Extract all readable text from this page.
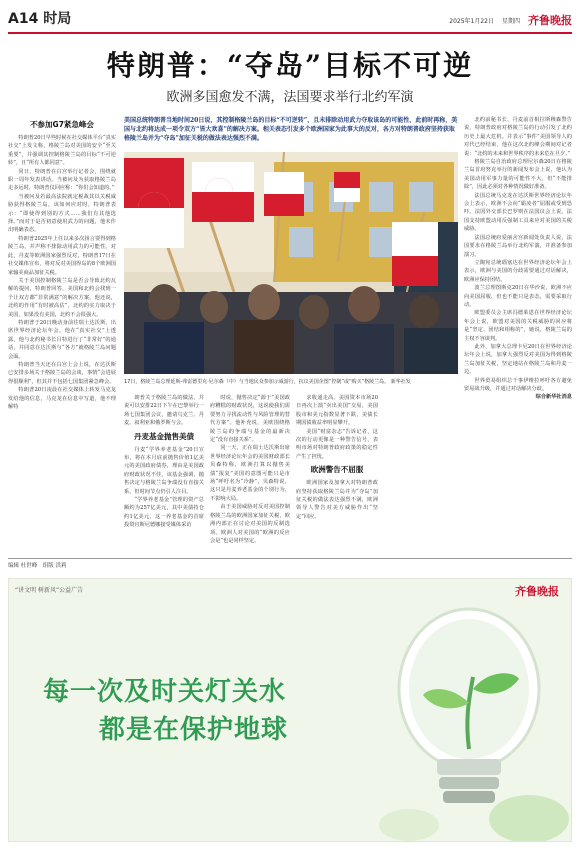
A14 时局	2025年1月22日 星期四 齐鲁晚报
特朗普：“夺岛”目标不可逆
欧洲多国愈发不满，法国要求举行北约军演
美国总统特朗普当地时间20日说，其控制格陵兰岛的目标“不可逆转”，且未排除动用武力夺取该岛的可能性，此前时再称，美国与北约将达成一项令双方“皆大欢喜”的解决方案。相关表态引发多个欧洲国家为此事大的反对，各方对特朗普政府坚持获取格陵兰岛并为“夺岛”加征关税的做法表达强烈不满。
17日，格陵兰岛总理延斯-弗雷德里克·尼尔森（中）与当地民众参加示威游行，抗议美国企图“控制”或“购买”格陵兰岛。 新华社发
不参加G7紧急峰会

特朗普20日早些时候在社交媒体平台“真实社交”上发文称，格陵兰岛对美国的安全“至关重要”，并强调其控制格陵兰岛的目标“不可逆转”，且“所有人都同意”。

同日，特朗普在白宫举行记者会，围绕就职一周年发表讲话。当被问及为获取格陵兰岛走多远时，特朗普仅回应称：“你们会知道的。”

当被问及若最高法院就定税裁其以关税威胁获得格陵兰岛，该如何应对时，特朗普表示：“即使得到别的方式……我们有其他选择。”而对于是否初意使用武力的问题，他未作出明确表态。

特朗普2025年上任以来多次扬言要得到格陵兰岛，并声称不排除动用武力的可能性。对此，丹麦等欧洲国家强烈反对，特朗普17日在社交媒体宣布，将对反对美国得岛的8个欧洲国家输美商品加征关税。

关于美国控制格陵兰岛是否会导致北约瓦解的提问，特朗普回答，美国和北约会找到一个让双方都“非常满意”的解决方案。他还说，北约的作用“有时被高估”，北约的实力取决于美国，如果没有美国，北约不会很强大。

特朗普于20日晚动身前往瑞士达沃斯，出席世界经济论坛年会。他在“真实社交”上透露，他与北约秘书长吕特进行了“非常好”的通话，并同意在达沃斯与“各方”就格陵兰岛问题会面。

特朗普当天还在白宫上会上说，在达沃斯已安排多场关于格陵兰岛的会谈，事情“会进展得很顺利”，但其并不包括七国集团紧急峰会。

特朗普20日凌晨在社交媒体上转发马克龙发给他的信息，马克龙在信息中写道，他不理解特

朗普关于格陵兰岛的做法，并说可以安排22日下午在巴黎举行一场七国集团会议，邀请乌克兰、丹麦、叙利亚和俄罗斯与会。

丹麦基金抛售美债

丹麦“学界养老基金”20日宣布，将在本月底前抛售价值1亿美元的美国政府债券，理由是美国政府财政状况不佳，该基金强调，抛售决定与格陵兰岛争端没有直接关系，但时间节点仍引人注目。

“学界养老基金”管理的资产总额约为257亿美元，其中美债持仓约1亿美元，这一养老基金的首席投资官斯尼德娜接受媒体采访

时说，抛售决定“源于”美国政府糟糕的财政状况，这说使我们需要努力寻找流动性与风险管理的替代方案”。他补充说，美欧围绕格陵兰岛的争端与基金的最新决定“没有直接关系”。

同一天，正在瑞士达沃斯出席世界经济论坛年会的美国财政部长贝森特称，欧洲打算以抛售美债“报复”美国的意图可能只是市场“呼吁名为“冷静”，贝森特说，这只是丹麦养老基金的个别行为，不影响大局。

由于美国威胁对反对美国控制格陵兰岛的欧洲国家加征关税，欧洲内部正在讨论对美国的反制选项。欧洲人对美国的“欧洲的反应会是”也是同样坚定。

求收通走高。美国资本市场20日再次上演“卖出美国”交易，美国股市和美元指数显著下跌，美债长期国债收益率明显攀升。

美国“财富杂志”告诉记者，这次的行动更像是一种警告信号，表明市场对特朗普政府政策的稳定性产生了担忧。

欧洲警告不屈服

欧洲国家及加拿大对特朗普政府坚持获取格陵兰岛并为“夺岛”加征关税的做法表达强烈不满，欧洲领导人警告对美方威胁作出“坚定”回应。

北约前秘书长、丹麦前首相拉斯穆森警告说，特朗普政府对格陵兰岛的行动引发了北约历史上最大危机。并表示“事件”美国领导人的对代已经结束，他在这次北约峰会期间对记者说：“北约的未来和世界秩序的未来危在旦夕。”

格陵兰岛自治政府总理尼尔森20日在格陵兰岛首府努克举行的新闻发布会上说，他认为美国动用军事力量的可能性不大，但“不能排除”，因此必须对各种情况做好准备。

法国总统马克龙在达沃斯世界经济论坛年会上表示，欧洲不会向“霸凌者”屈服或受到恐吓。法国外交部长巴罗则在法国议会上说，法国支持欧盟动用反强制工具来应对美国的关税威胁。

法国总统府爱丽舍宫新闻处负责人说，法国要求在格陵兰岛举行北约军演，并准备参加演习。

立陶宛总统瑙塞达在世界经济论坛年会上表示，欧洲与美国的分歧需要通过对话解决，欧洲应保持团结。

波兰总理图斯克20日在华沙说，欧洲不应向美国屈服，但也不能只是表态，需要采取行动。

欧盟委员会主席冯德莱恩在世界经济论坛年会上说，欧盟对美国的关税威胁的回应将是“坚定、团结和相称的”，她说，格陵兰岛的主权不容谈判。

此外，加拿大总理卡尼20日在世界经济论坛年会上说，加拿大强烈反对美国为得到格陵兰岛加征关税，坚定地站在格陵兰岛和丹麦一边。

世界贸易组织总干事伊维拉呼吁各方避免贸易战升级，并通过对话解决分歧。

综合新华社消息

编辑 杜世峰　组版 洪莉
“讲文明 树新风”公益广告	齐鲁晚报
每一次及时关灯关水
都是在保护地球
